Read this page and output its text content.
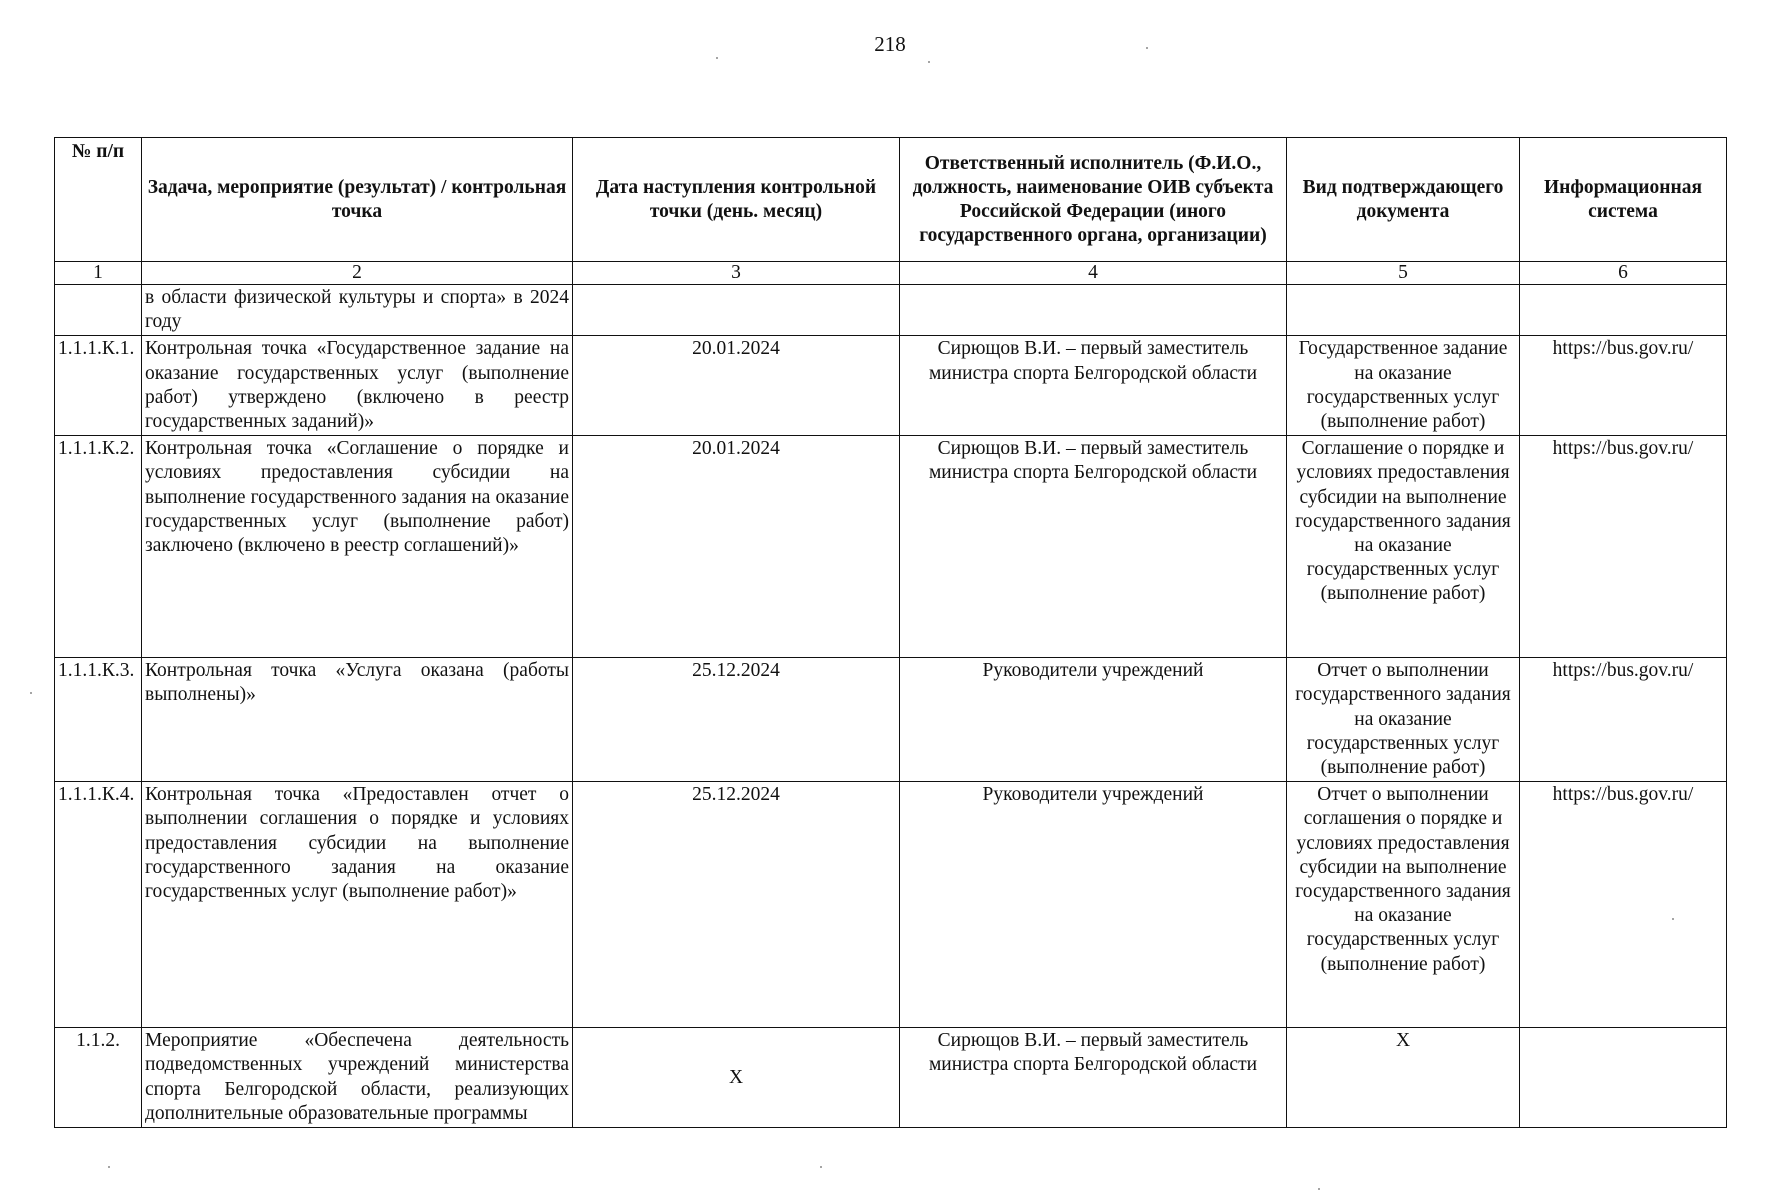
218
№ п/п	Задача, мероприятие (результат) / контрольная точка	Дата наступления контрольной точки (день. месяц)	Ответственный исполнитель (Ф.И.О., должность, наименование ОИВ субъекта Российской Федерации (иного государственного органа, организации)	Вид подтверждающего документа	Информационная система
1	2	3	4	5	6
	в области физической культуры и спорта» в 2024 году				
1.1.1.К.1.	Контрольная точка «Государственное задание на оказание государственных услуг (выполнение работ) утверждено (включено в реестр государственных заданий)»	20.01.2024	Сирющов В.И. – первый заместитель министра спорта Белгородской области	Государственное задание на оказание государственных услуг (выполнение работ)	https://bus.gov.ru/
1.1.1.К.2.	Контрольная точка «Соглашение о порядке и условиях предоставления субсидии на выполнение государственного задания на оказание государственных услуг (выполнение работ) заключено (включено в реестр соглашений)»	20.01.2024	Сирющов В.И. – первый заместитель министра спорта Белгородской области	Соглашение о порядке и условиях предоставления субсидии на выполнение государственного задания на оказание государственных услуг (выполнение работ)	https://bus.gov.ru/
1.1.1.К.3.	Контрольная точка «Услуга оказана (работы выполнены)»	25.12.2024	Руководители учреждений	Отчет о выполнении государственного задания на оказание государственных услуг (выполнение работ)	https://bus.gov.ru/
1.1.1.К.4.	Контрольная точка «Предоставлен отчет о выполнении соглашения о порядке и условиях предоставления субсидии на выполнение государственного задания на оказание государственных услуг (выполнение работ)»	25.12.2024	Руководители учреждений	Отчет о выполнении соглашения о порядке и условиях предоставления субсидии на выполнение государственного задания на оказание государственных услуг (выполнение работ)	https://bus.gov.ru/
1.1.2.	Мероприятие «Обеспечена деятельность подведомственных учреждений министерства спорта Белгородской области, реализующих дополнительные образовательные программы	Х	Сирющов В.И. – первый заместитель министра спорта Белгородской области	Х	
